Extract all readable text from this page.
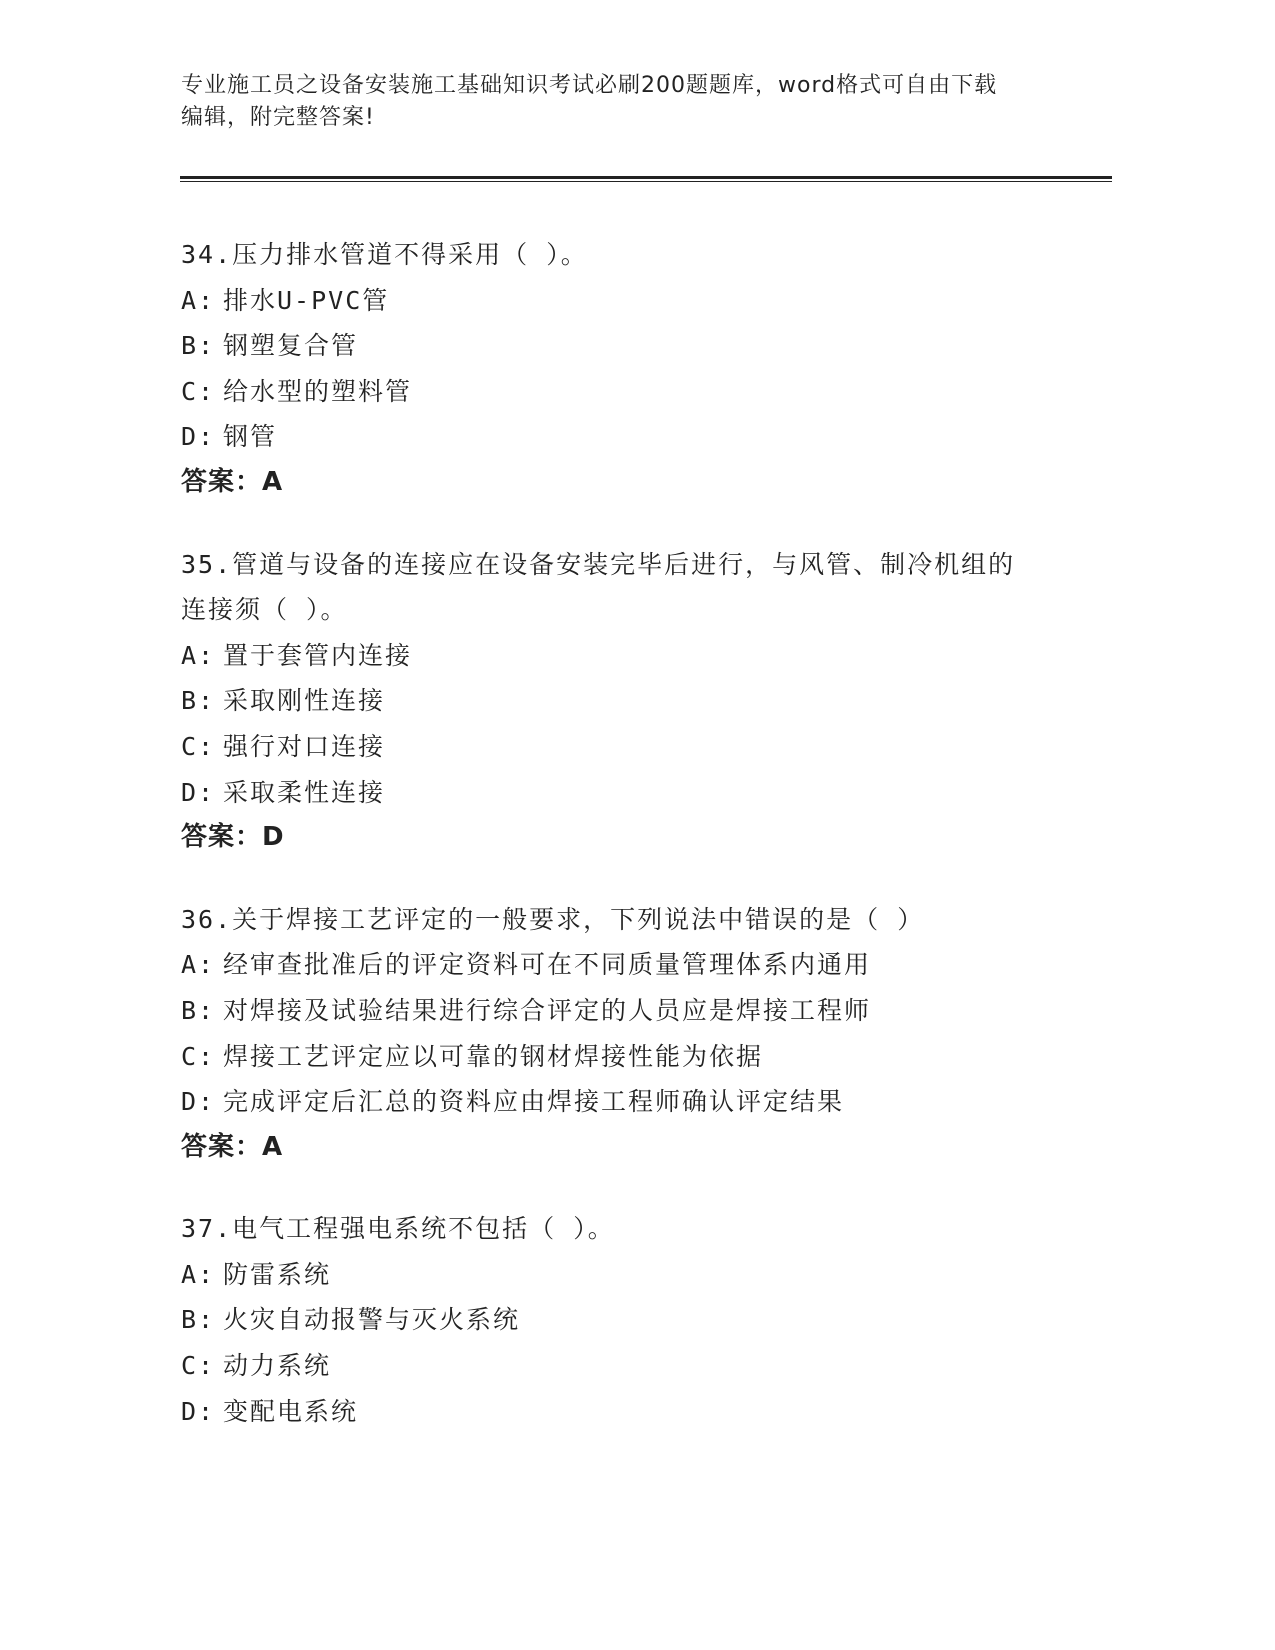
专业施工员之设备安装施工基础知识考试必刷200题题库，word格式可自由下载
编辑，附完整答案!
34.压力排水管道不得采用（ ）。
A: 排水U-PVC管
B: 钢塑复合管
C: 给水型的塑料管
D: 钢管
答案：A
35.管道与设备的连接应在设备安装完毕后进行，与风管、制冷机组的
连接须（ ）。
A: 置于套管内连接
B: 采取刚性连接
C: 强行对口连接
D: 采取柔性连接
答案：D
36.关于焊接工艺评定的一般要求，下列说法中错误的是（ ）
A: 经审查批准后的评定资料可在不同质量管理体系内通用
B: 对焊接及试验结果进行综合评定的人员应是焊接工程师
C: 焊接工艺评定应以可靠的钢材焊接性能为依据
D: 完成评定后汇总的资料应由焊接工程师确认评定结果
答案：A
37.电气工程强电系统不包括（ ）。
A: 防雷系统
B: 火灾自动报警与灭火系统
C: 动力系统
D: 变配电系统
